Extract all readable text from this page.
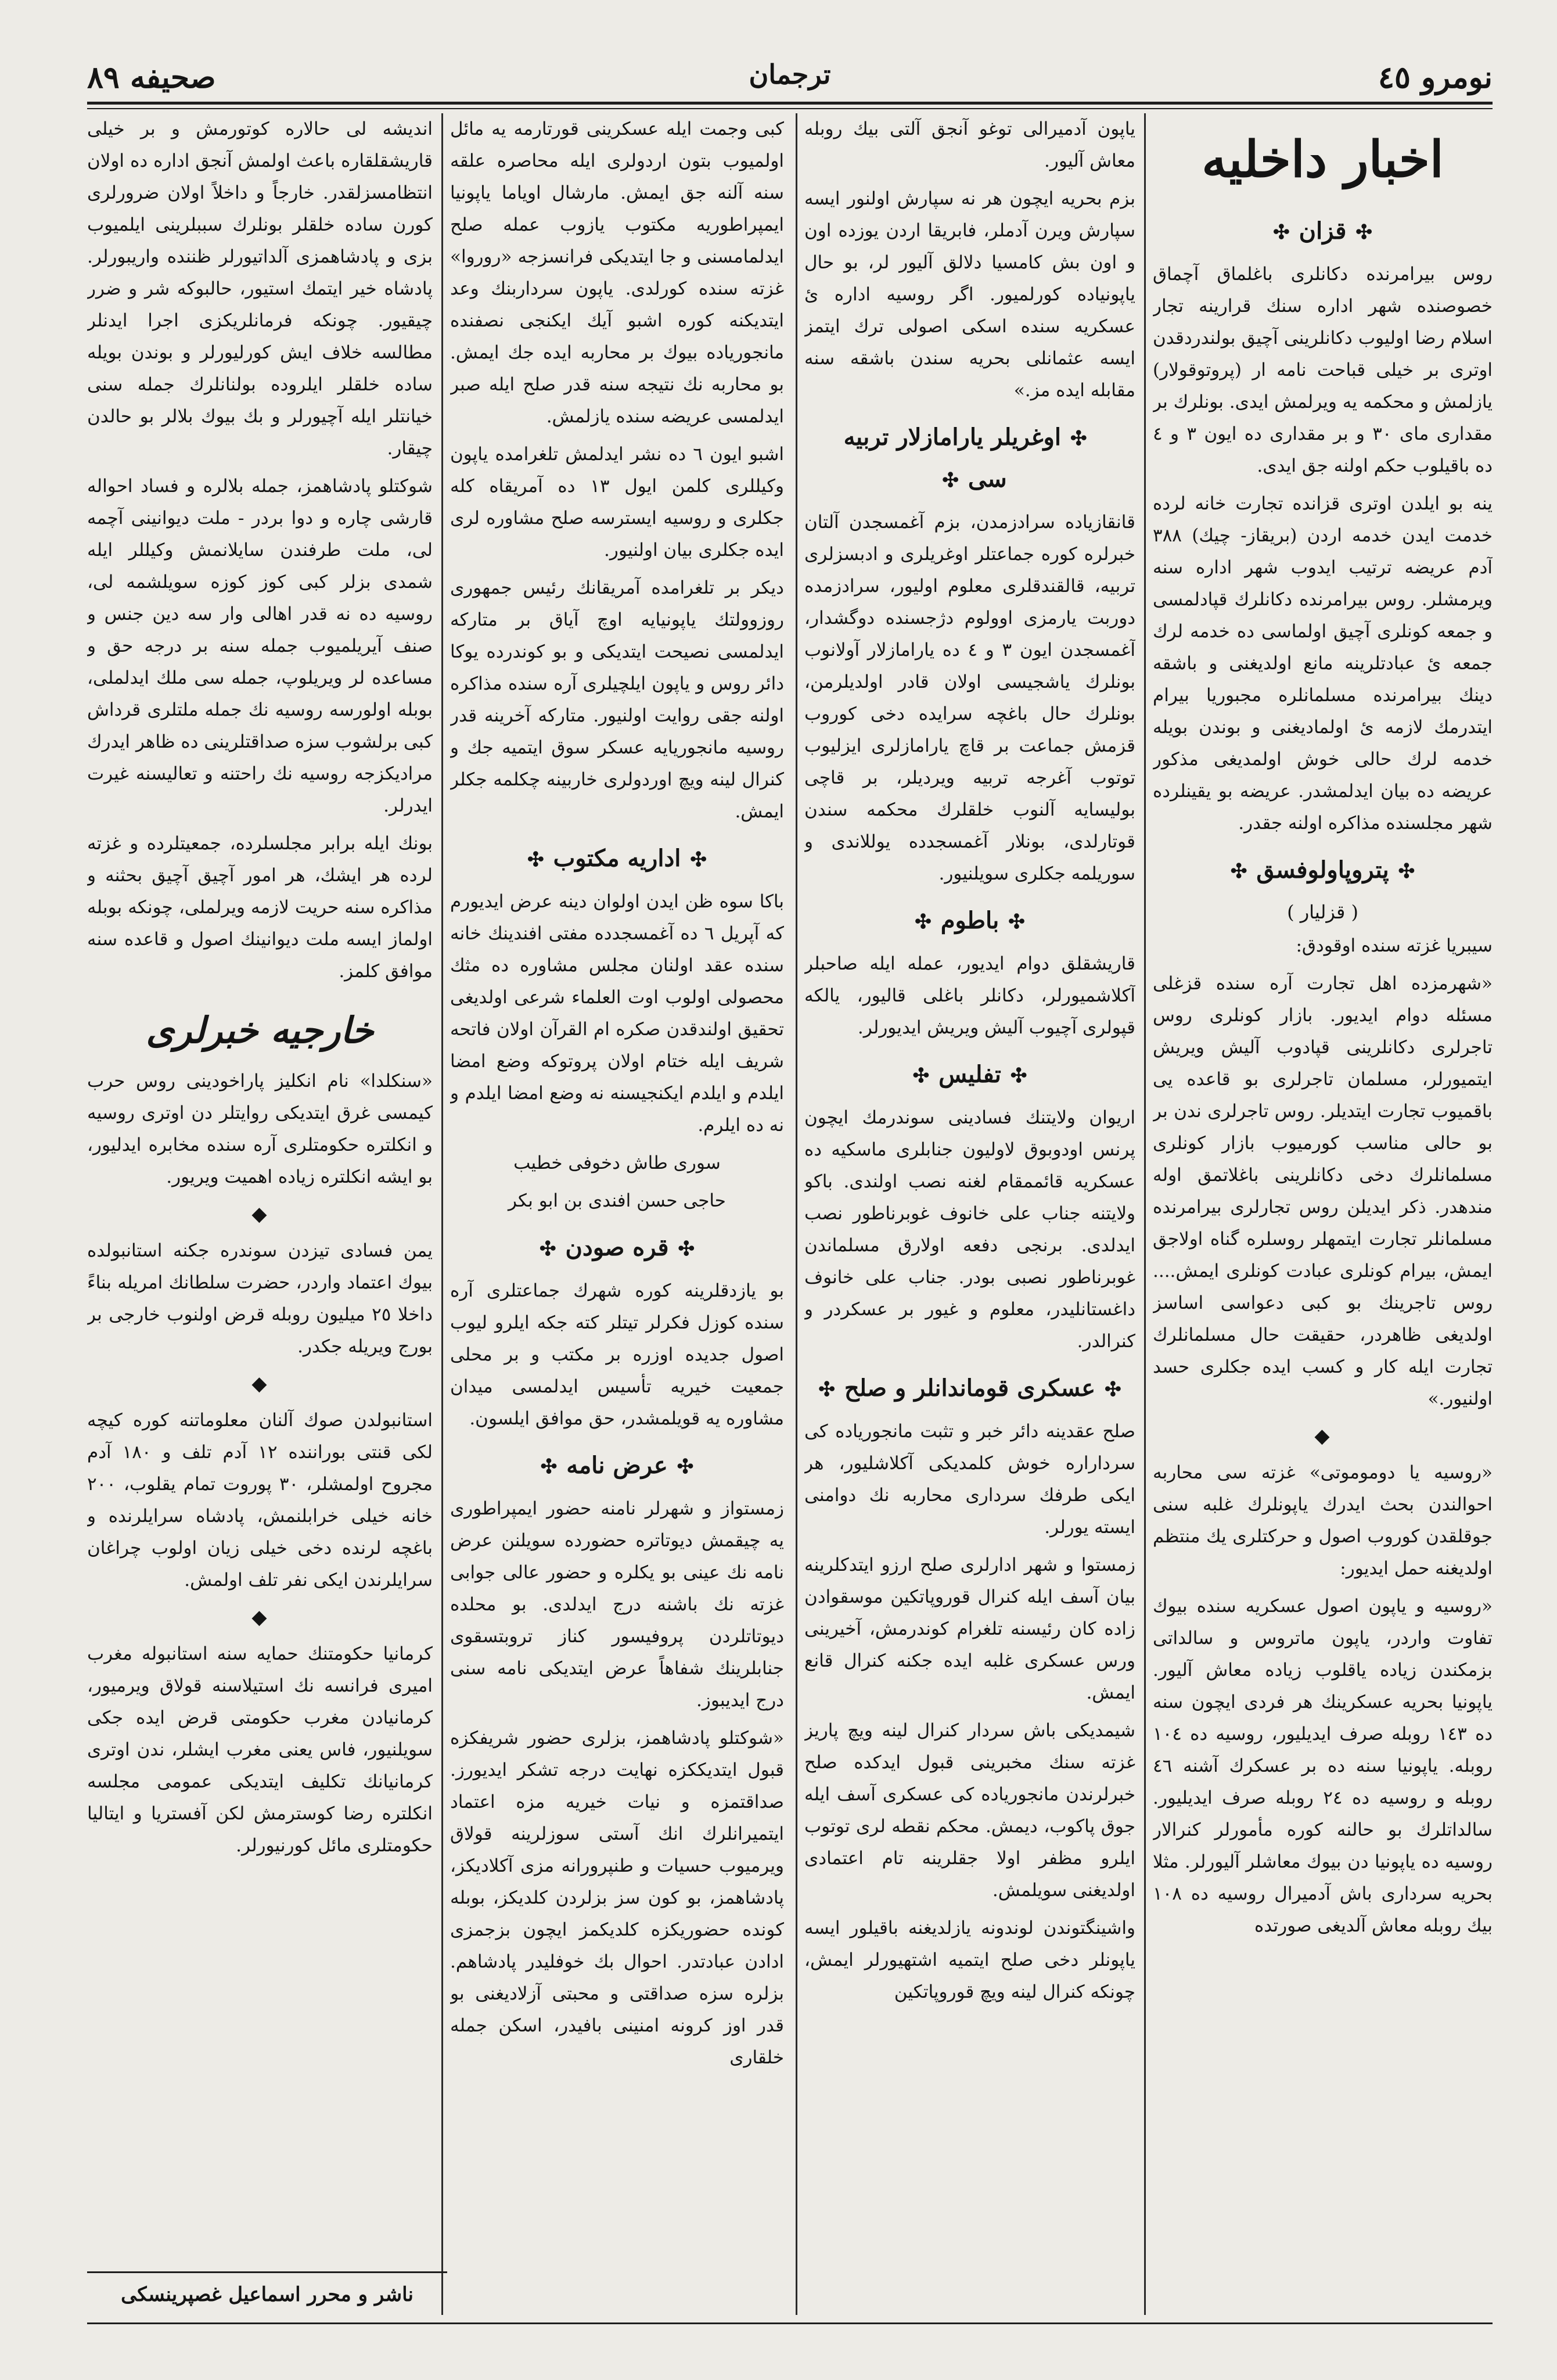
نومرو ٤٥
ترجمان
صحیفه ٨٩
اخبار داخلیه
✣قزان✣

روس بیرامرنده دكانلری باغلماق آچماق خصوصنده شهر اداره سنك قرارینه تجار اسلام رضا اولیوب دكانلرینی آچیق بولندردقدن اوتری بر خیلی قباحت نامه ار (پروتوقولار) یازلمش و محكمه یه ویرلمش ایدی. بونلرك بر مقداری مای ٣٠ و بر مقداری ده ایون ٣ و ٤ ده باقیلوب حكم اولنه جق ایدی.

ینه بو ایلدن اوتری قزانده تجارت خانه لرده خدمت ایدن خدمه اردن (بریقاز- چیك) ٣٨٨ آدم عریضه ترتیب ایدوب شهر اداره سنه ویرمشلر. روس بیرامرنده دكانلرك قپادلمسی و جمعه كونلری آچیق اولماسی ده خدمه لرك جمعه ئ عبادتلرینه مانع اولدیغنی و باشقه دینك بیرامرنده مسلمانلره مجبوریا بیرام ایتدرمك لازمه ئ اولمادیغنی و بوندن بویله خدمه لرك حالی خوش اولمدیغی مذكور عریضه ده بیان ایدلمشدر. عریضه بو یقینلرده شهر مجلسنده مذاكره اولنه جقدر.

✣پتروپاولوفسق✣
( قزلیار )

سیبریا غزته سنده اوقودق:

«شهرمزده اهل تجارت آره سنده قزغلی مسئله دوام ایدیور. بازار كونلری روس تاجرلری دكانلرینی قپادوب آلیش ویریش ایتمیورلر، مسلمان تاجرلری بو قاعده یی باقمیوب تجارت ایتدیلر. روس تاجرلری ندن بر بو حالی مناسب كورمیوب بازار كونلری مسلمانلرك دخی دكانلرینی باغلاتمق اوله مندهدر. ذكر ایدیلن روس تجارلری بیرامرنده مسلمانلر تجارت ایتمهلر روسلره گناه اولاجق ایمش، بیرام كونلری عبادت كونلری ایمش.... روس تاجرینك بو كبی دعواسی اساسز اولدیغی ظاهردر، حقیقت حال مسلمانلرك تجارت ایله كار و كسب ایده جكلری حسد اولنیور.»

◆

«روسیه یا دوموموتی» غزته سی محاربه احوالندن بحث ایدرك یاپونلرك غلبه سنی جوقلقدن كوروب اصول و حركتلری یك منتظم اولدیغنه حمل ایدیور:

«روسیه و یاپون اصول عسكریه سنده بیوك تفاوت واردر، یاپون ماتروس و سالداتی بزمكندن زیاده یاقلوب زیاده معاش آلیور. یاپونیا بحریه عسكرینك هر فردی ایچون سنه ده ١٤٣ روبله صرف ایدیلیور، روسیه ده ١٠٤ روبله. یاپونیا سنه ده بر عسكرك آشنه ٤٦ روبله و روسیه ده ٢٤ روبله صرف ایدیلیور. سالداتلرك بو حالنه كوره مأمورلر كنرالار روسیه ده یاپونیا دن بیوك معاشلر آلیورلر. مثلا بحریه سرداری باش آدمیرال روسیه ده ١٠٨ بیك روبله معاش آلدیغی صورتده

یاپون آدمیرالی توغو آنجق آلتی بیك روبله معاش آلیور.

بزم بحریه ایچون هر نه سپارش اولنور ایسه سپارش ویرن آدملر، فابریقا اردن یوزده اون و اون بش كامسیا دلالق آلیور لر، بو حال یاپونیاده كورلمیور. اگر روسیه اداره ئ عسكریه سنده اسكی اصولی ترك ایتمز ایسه عثمانلی بحریه سندن باشقه سنه مقابله ایده مز.»

✣اوغریلر یارامازلار تربیه سی✣

قانقازیاده سرادزمدن، بزم آغمسجدن آلتان خبرلره كوره جماعتلر اوغریلری و ادبسزلری تربیه، قالقندقلری معلوم اولیور، سرادزمده دوربت یارمزی اوولوم دژجسنده دوگشدار، آغمسجدن ایون ٣ و ٤ ده یارامازلار آولانوب بونلرك یاشجیسی اولان قادر اولدیلرمن، بونلرك حال باغچه سرایده دخی كوروب قزمش جماعت بر قاچ یارامازلری ایزلیوب توتوب آغرجه تربیه ویردیلر، بر قاچی بولیسایه آلنوب خلقلرك محكمه سندن قوتارلدی، بونلار آغمسجدده یوللاندی و سوریلمه جكلری سویلنیور.

✣باطوم✣

قاریشقلق دوام ایدیور، عمله ایله صاحبلر آكلاشمیورلر، دكانلر باغلی قالیور، یالكه قپولری آچیوب آلیش ویریش ایدیورلر.

✣تفلیس✣

اریوان ولایتنك فسادینی سوندرمك ایچون پرنس اودوبوق لاولیون جنابلری ماسكیه ده عسكریه قائممقام لغنه نصب اولندی. باكو ولایتنه جناب علی خانوف غوبرناطور نصب ایدلدی. برنجی دفعه اولارق مسلماندن غوبرناطور نصبی بودر. جناب علی خانوف داغستانلیدر، معلوم و غیور بر عسكردر و كنرالدر.

✣عسكری قوماندانلر و صلح✣

صلح عقدینه دائر خبر و تثبت مانجوریاده كی سرداراره خوش كلمدیكی آكلاشلیور، هر ایكی طرفك سرداری محاربه نك دوامنی ایسته یورلر.

زمستوا و شهر ادارلری صلح ارزو ایتدكلرینه بیان آسف ایله كنرال قوروپاتكین موسقوادن زاده كان رئیسنه تلغرام كوندرمش، آخیرینی ورس عسكری غلبه ایده جكنه كنرال قانع ایمش.

شیمدیكی باش سردار كنرال لینه ویچ پاریز غزته سنك مخبرینی قبول ایدكده صلح خبرلرندن مانجوریاده كی عسكری آسف ایله جوق پاكوب، دیمش. محكم نقطه لری توتوب ایلرو مظفر اولا جقلرینه تام اعتمادی اولدیغنی سویلمش.

واشینگتوندن لوندونه یازلدیغنه باقیلور ایسه یاپونلر دخی صلح ایتمیه اشتهیورلر ایمش، چونكه كنرال لینه ویچ قوروپاتكین

كبی وجمت ایله عسكرینی قورتارمه یه مائل اولمیوب بتون اردولری ایله محاصره علقه سنه آلنه جق ایمش. مارشال اویاما یاپونیا ایمپراطوریه مكتوب یازوب عمله صلح ایدلمامسنی و جا ایتدیكی فرانسزجه «روروا» غزته سنده كورلدی. یاپون سرداربنك وعد ایتدیكنه كوره اشبو آیك ایكنجی نصفنده مانجوریاده بیوك بر محاربه ایده جك ایمش. بو محاربه نك نتیجه سنه قدر صلح ایله صبر ایدلمسی عریضه سنده یازلمش.

اشبو ایون ٦ ده نشر ایدلمش تلغرامده یاپون وكیللری كلمن ایول ١٣ ده آمریقاه كله جكلری و روسیه ایسترسه صلح مشاوره لری ایده جكلری بیان اولنیور.

دیكر بر تلغرامده آمریقانك رئیس جمهوری روزوولتك یاپونیایه اوچ آیاق بر متاركه ایدلمسی نصیحت ایتدیكی و بو كوندرده یوكا دائر روس و یاپون ایلچیلری آره سنده مذاكره اولنه جقی روایت اولنیور. متاركه آخرینه قدر روسیه مانجوریایه عسكر سوق ایتمیه جك و كنرال لینه ویچ اوردولری خاربینه چكلمه جكلر ایمش.

✣اداریه مكتوب✣

باكا سوه ظن ایدن اولوان دینه عرض ایدیورم كه آپریل ٦ ده آغمسجدده مفتی افندینك خانه سنده عقد اولنان مجلس مشاوره ده مثك محصولی اولوب اوت العلماء شرعی اولدیغی تحقیق اولندقدن صكره ام القرآن اولان فاتحه شریف ایله ختام اولان پروتوكه وضع امضا ایلدم و ایلدم ایكنجیسنه نه وضع امضا ایلدم و نه ده ایلرم.

سوری طاش دخوفی خطیب

حاجی حسن افندی بن ابو بكر

✣قره صودن✣

بو یازدقلرینه كوره شهرك جماعتلری آره سنده كوزل فكرلر تیتلر كته جكه ایلرو لیوب اصول جدیده اوزره بر مكتب و بر محلی جمعیت خیریه تأسیس ایدلمسی میدان مشاوره یه قویلمشدر، حق موافق ایلسون.

✣عرض نامه✣

زمستواز و شهرلر نامنه حضور ایمپراطوری یه چیقمش دیوتاتره حضورده سویلنن عرض نامه نك عینی بو یكلره و حضور عالی جوابی غزته نك باشنه درج ایدلدی. بو محلده دیوتاتلردن پروفیسور كناز تروبتسقوی جنابلرینك شفاهاً عرض ایتدیكی نامه سنی درج ایدیبوز.

«شوكتلو پادشاهمز، بزلری حضور شریفكزه قبول ایتدیككزه نهایت درجه تشكر ایدیورز. صداقتمزه و نیات خیریه مزه اعتماد ایتمیرانلرك انك آستی سوزلرینه قولاق ویرمیوب حسیات و طنپرورانه مزی آكلادیكز، پادشاهمز، بو كون سز بزلردن كلدیكز، بوبله كونده حضوریكزه كلدیكمز ایچون بزجمزی ادادن عبادتدر. احوال بك خوفلیدر پادشاهم. بزلره سزه صداقتی و محبتی آزلادیغنی بو قدر اوز كرونه امنینی بافیدر، اسكن جمله خلقاری

اندیشه لی حالاره كوتورمش و بر خیلی قاریشقلقاره باعث اولمش آنجق اداره ده اولان انتظامسزلقدر. خارجاً و داخلاً اولان ضرورلری كورن ساده خلقلر بونلرك سببلرینی ایلمیوب بزی و پادشاهمزی آلداتیورلر ظننده واریبورلر. پادشاه خیر ایتمك استیور، حالبوكه شر و ضرر چیقیور. چونكه فرمانلریكزی اجرا ایدنلر مطالسه خلاف ایش كورلیورلر و بوندن بویله ساده خلقلر ایلروده بولنانلرك جمله سنی خیانتلر ایله آچیورلر و بك بیوك بلالر بو حالدن چیقار.

شوكتلو پادشاهمز، جمله بلالره و فساد احواله قارشی چاره و دوا بردر - ملت دیوانینی آچمه لی، ملت طرفندن سایلانمش وكیللر ایله شمدی بزلر كبی كوز كوزه سویلشمه لی، روسیه ده نه قدر اهالی وار سه دین جنس و صنف آیریلمیوب جمله سنه بر درجه حق و مساعده لر ویریلوپ، جمله سی ملك ایدلملی، بوبله اولورسه روسیه نك جمله ملتلری قرداش كبی برلشوب سزه صداقتلرینی ده ظاهر ایدرك مرادیكزجه روسیه نك راحتنه و تعالیسنه غیرت ایدرلر.

بونك ایله برابر مجلسلرده، جمعیتلرده و غزته لرده هر ایشك، هر امور آچیق آچیق بحثنه و مذاكره سنه حریت لازمه ویرلملی، چونكه بوبله اولماز ایسه ملت دیوانینك اصول و قاعده سنه موافق كلمز.

خارجیه خبرلری

«سنكلدا» نام انكلیز پاراخودینی روس حرب كیمسی غرق ایتدیكی روایتلر دن اوتری روسیه و انكلتره حكومتلری آره سنده مخابره ایدلیور، بو ایشه انكلتره زیاده اهمیت ویریور.

◆

یمن فسادی تیزدن سوندره جكنه استانبولده بیوك اعتماد واردر، حضرت سلطانك امریله بناءً داخلا ٢٥ میلیون روبله قرض اولنوب خارجی بر بورج ویریله جكدر.

◆

استانبولدن صوك آلنان معلوماتنه كوره كیچه لكی قنتی بوراننده ١٢ آدم تلف و ١٨٠ آدم مجروح اولمشلر، ٣٠ پوروت تمام یقلوب، ٢٠٠ خانه خیلی خرابلنمش، پادشاه سرایلرنده و باغچه لرنده دخی خیلی زیان اولوب چراغان سرایلرندن ایكی نفر تلف اولمش.

◆

كرمانیا حكومتنك حمایه سنه استانبوله مغرب امیری فرانسه نك استیلاسنه قولاق ویرمیور، كرمانیادن مغرب حكومتی قرض ایده جكی سویلنیور، فاس یعنی مغرب ایشلر، ندن اوتری كرمانیانك تكلیف ایتدیكی عمومی مجلسه انكلتره رضا كوسترمش لكن آفستریا و ایتالیا حكومتلری مائل كورنیورلر.

ناشر و محرر اسماعیل غصپرینسكی
